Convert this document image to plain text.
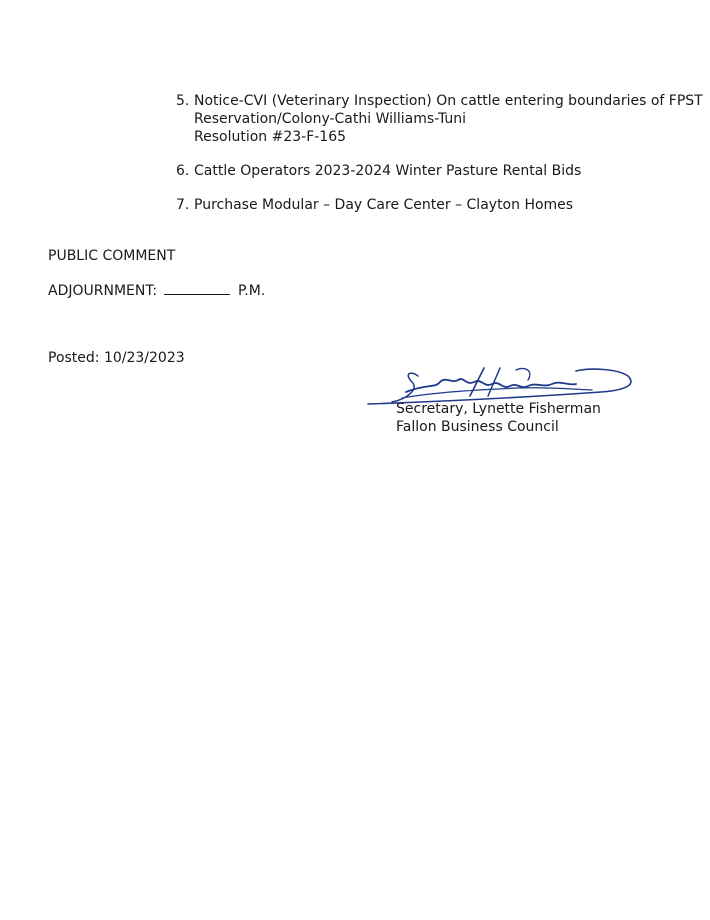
5. Notice-CVI (Veterinary Inspection) On cattle entering boundaries of FPST
Reservation/Colony-Cathi Williams-Tuni
Resolution #23-F-165
6. Cattle Operators 2023-2024 Winter Pasture Rental Bids
7. Purchase Modular – Day Care Center – Clayton Homes
PUBLIC COMMENT
ADJOURNMENT:	P.M.
Posted: 10/23/2023
Secretary, Lynette Fisherman
Fallon Business Council
